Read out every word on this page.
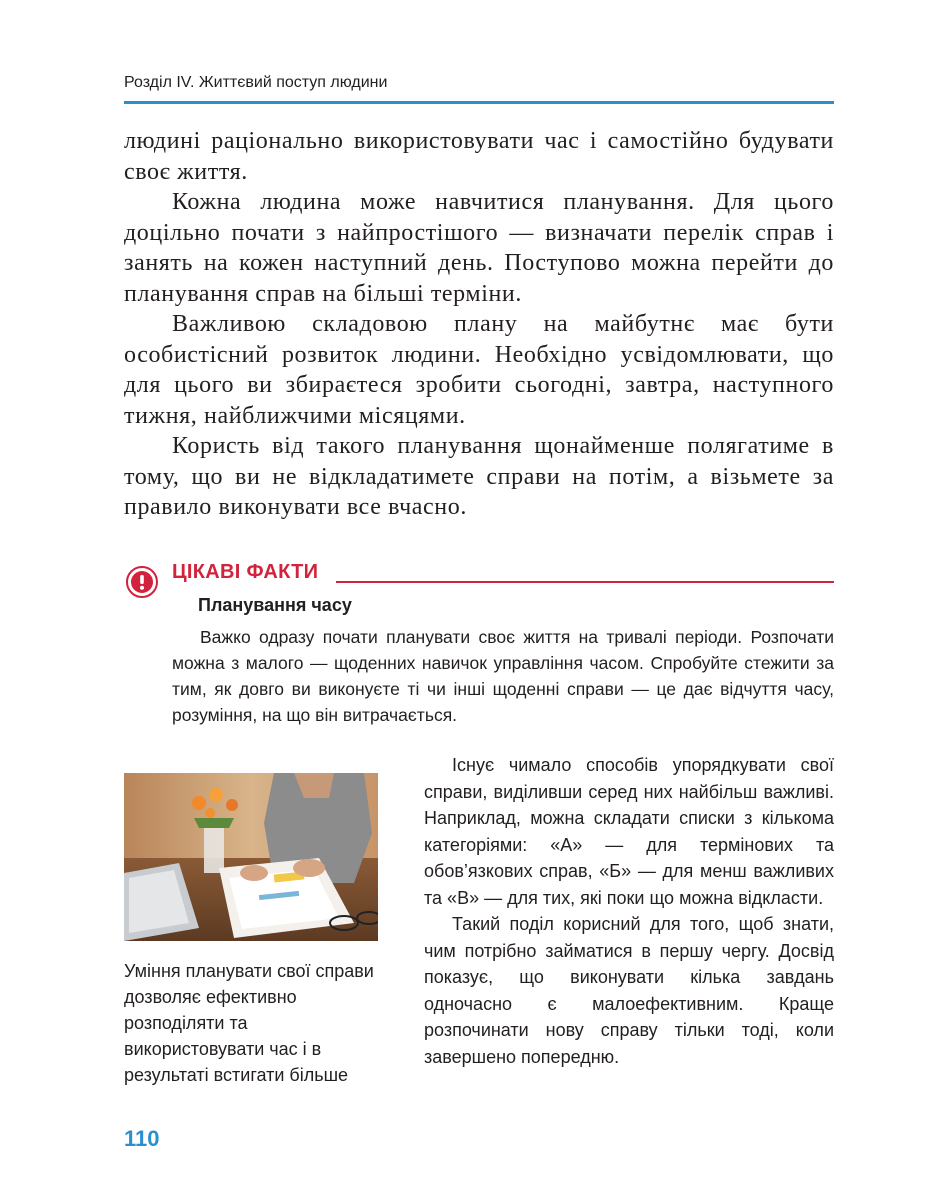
Розділ IV. Життєвий поступ людини

людині раціонально використовувати час і самостійно будувати своє життя.

Кожна людина може навчитися планування. Для цього доцільно почати з найпростішого — визначати перелік справ і занять на кожен наступний день. Поступово можна перейти до планування справ на більші терміни.

Важливою складовою плану на майбутнє має бути особистісний розвиток людини. Необхідно усвідомлювати, що для цього ви збираєтеся зробити сьогодні, завтра, наступного тижня, найближчими місяцями.

Користь від такого планування щонайменше полягатиме в тому, що ви не відкладатимете справи на потім, а візьмете за правило виконувати все вчасно.

ЦІКАВІ ФАКТИ
Планування часу

Важко одразу почати планувати своє життя на тривалі періоди. Розпочати можна з малого — щоденних навичок управління часом. Спробуйте стежити за тим, як довго ви виконуєте ті чи інші щоденні справи — це дає відчуття часу, розуміння, на що він витрачається.

Уміння планувати свої справи дозволяє ефективно розподіляти та використовувати час і в результаті встигати більше

Існує чимало способів упорядкувати свої справи, виділивши серед них найбільш важливі. Наприклад, можна складати списки з кількома категоріями: «А» — для термінових та обов’язкових справ, «Б» — для менш важливих та «В» — для тих, які поки що можна відкласти.

Такий поділ корисний для того, щоб знати, чим потрібно займатися в першу чергу. Досвід показує, що виконувати кілька завдань одночасно є малоефективним. Краще розпочинати нову справу тільки тоді, коли завершено попередню.

110
